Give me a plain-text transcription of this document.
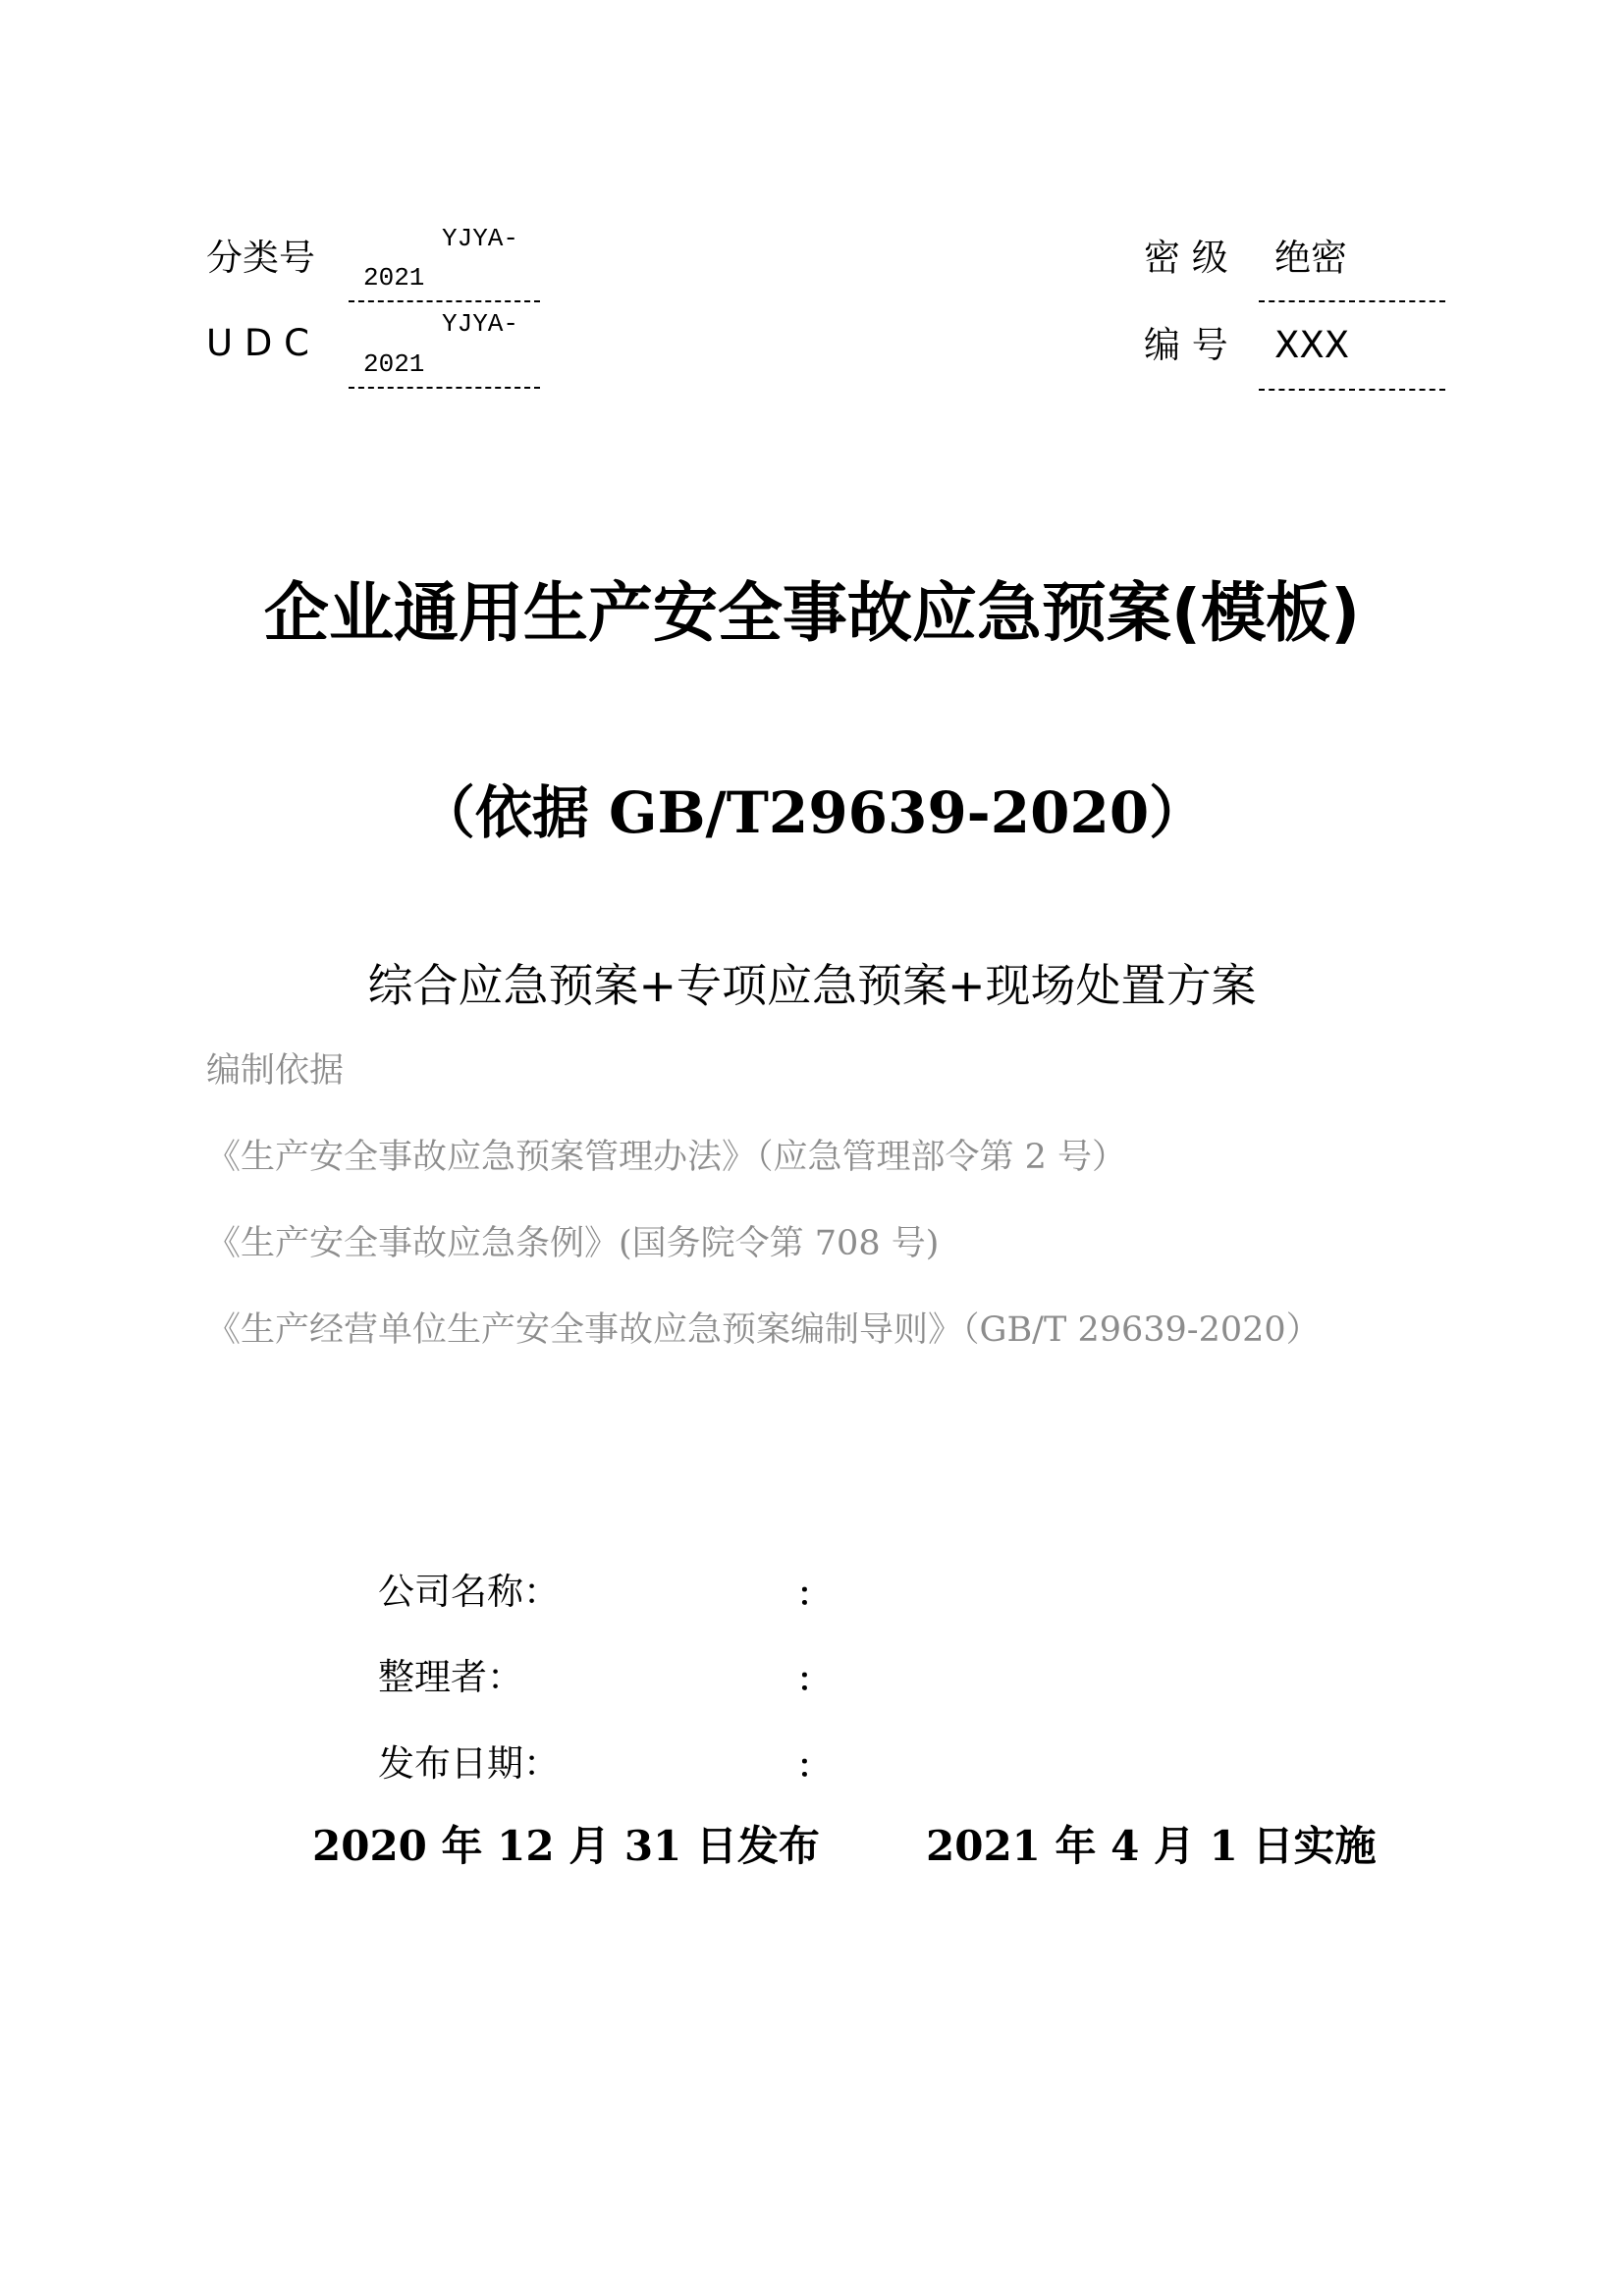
分类号	YJYA-
2021
U D C	YJYA-
2021
密 级 绝密
编 号 XXX
企业通用生产安全事故应急预案(模板)
（依据 GB/T29639-2020）
综合应急预案+专项应急预案+现场处置方案
编制依据
《生产安全事故应急预案管理办法》（应急管理部令第 2 号）
《生产安全事故应急条例》(国务院令第 708 号)
《生产经营单位生产安全事故应急预案编制导则》（GB/T 29639-2020）
公司名称：	：
整理者：	：
发布日期：	：
2020 年 12 月 31 日发布	2021 年 4 月 1 日实施
